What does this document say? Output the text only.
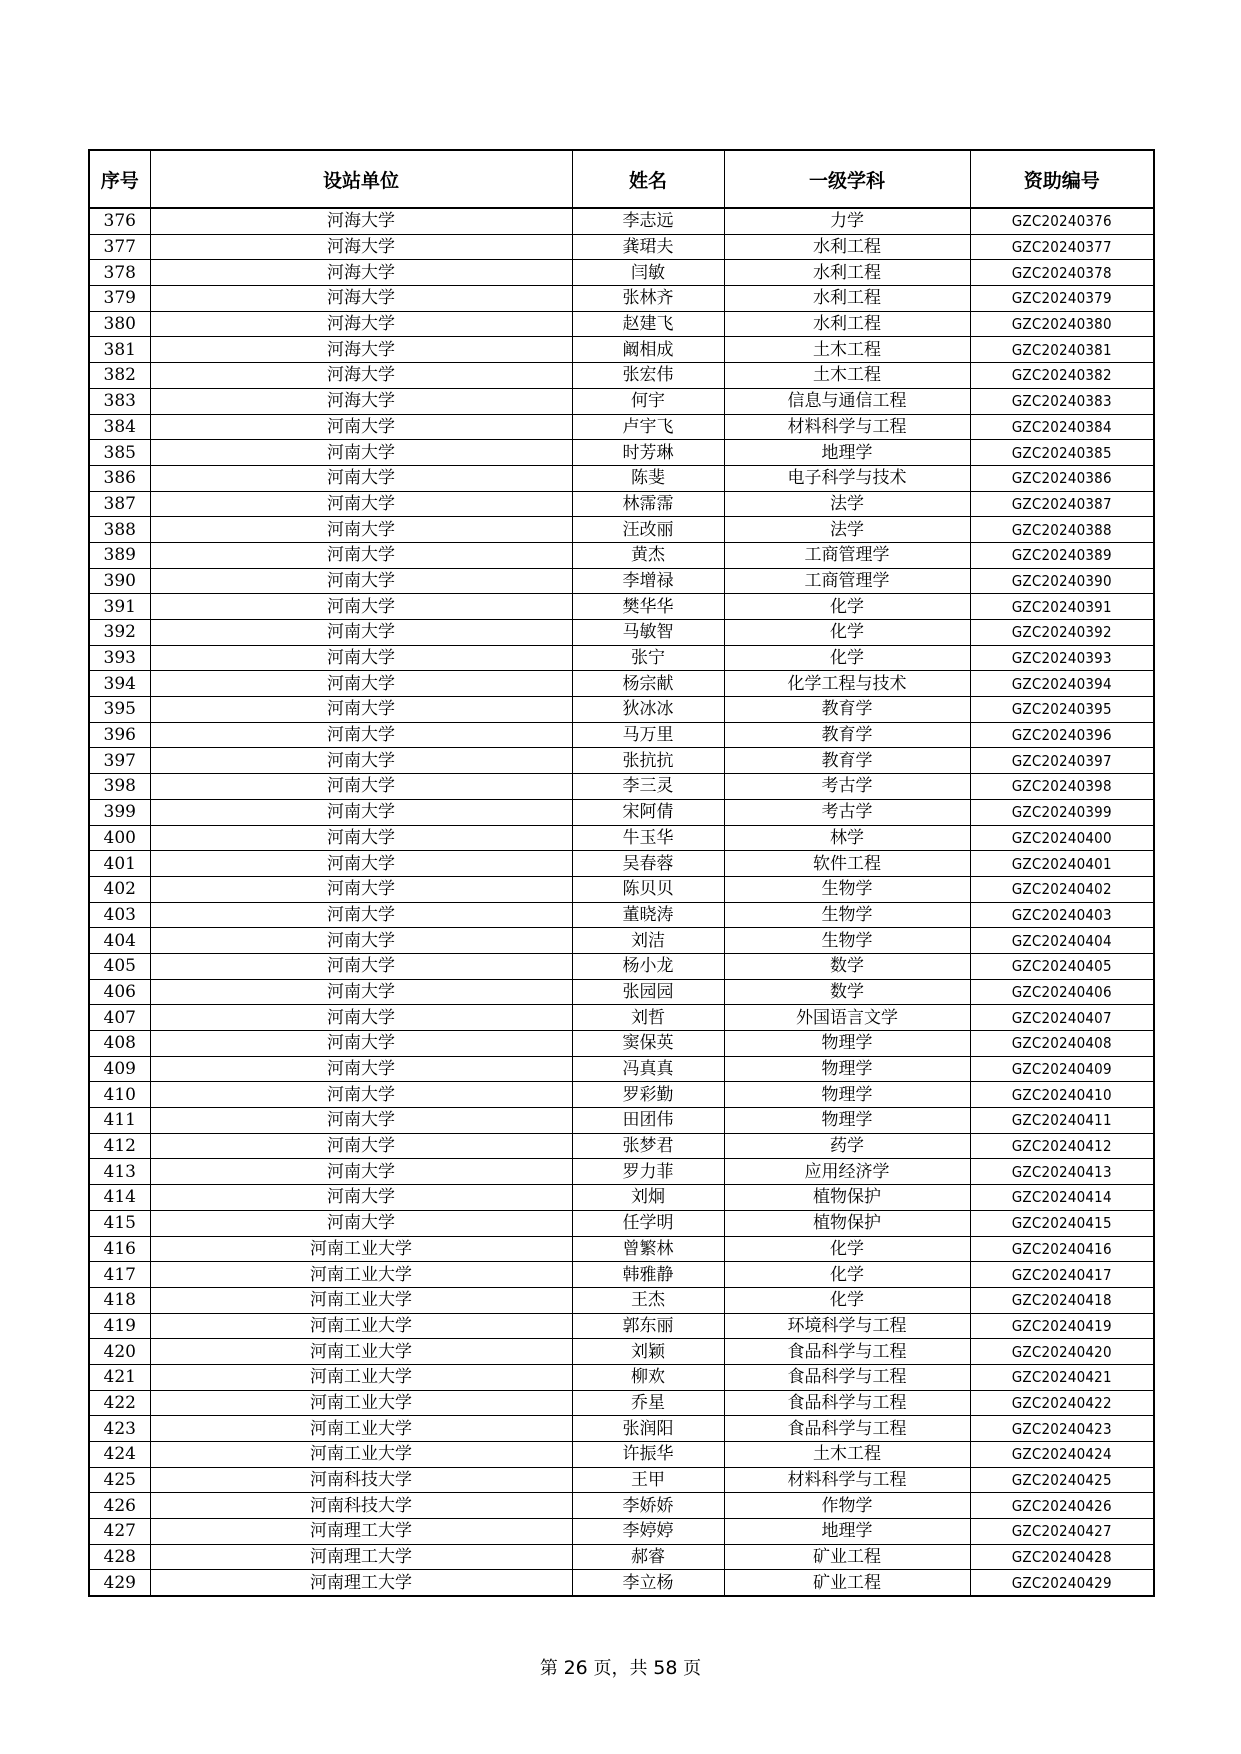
序号	设站单位	姓名	一级学科	资助编号
376	河海大学	李志远	力学	GZC20240376
377	河海大学	龚珺夫	水利工程	GZC20240377
378	河海大学	闫敏	水利工程	GZC20240378
379	河海大学	张林齐	水利工程	GZC20240379
380	河海大学	赵建飞	水利工程	GZC20240380
381	河海大学	阚相成	土木工程	GZC20240381
382	河海大学	张宏伟	土木工程	GZC20240382
383	河海大学	何宇	信息与通信工程	GZC20240383
384	河南大学	卢宇飞	材料科学与工程	GZC20240384
385	河南大学	时芳琳	地理学	GZC20240385
386	河南大学	陈斐	电子科学与技术	GZC20240386
387	河南大学	林霈霈	法学	GZC20240387
388	河南大学	汪改丽	法学	GZC20240388
389	河南大学	黄杰	工商管理学	GZC20240389
390	河南大学	李增禄	工商管理学	GZC20240390
391	河南大学	樊华华	化学	GZC20240391
392	河南大学	马敏智	化学	GZC20240392
393	河南大学	张宁	化学	GZC20240393
394	河南大学	杨宗献	化学工程与技术	GZC20240394
395	河南大学	狄冰冰	教育学	GZC20240395
396	河南大学	马万里	教育学	GZC20240396
397	河南大学	张抗抗	教育学	GZC20240397
398	河南大学	李三灵	考古学	GZC20240398
399	河南大学	宋阿倩	考古学	GZC20240399
400	河南大学	牛玉华	林学	GZC20240400
401	河南大学	吴春蓉	软件工程	GZC20240401
402	河南大学	陈贝贝	生物学	GZC20240402
403	河南大学	董晓涛	生物学	GZC20240403
404	河南大学	刘洁	生物学	GZC20240404
405	河南大学	杨小龙	数学	GZC20240405
406	河南大学	张园园	数学	GZC20240406
407	河南大学	刘哲	外国语言文学	GZC20240407
408	河南大学	窦保英	物理学	GZC20240408
409	河南大学	冯真真	物理学	GZC20240409
410	河南大学	罗彩勤	物理学	GZC20240410
411	河南大学	田团伟	物理学	GZC20240411
412	河南大学	张梦君	药学	GZC20240412
413	河南大学	罗力菲	应用经济学	GZC20240413
414	河南大学	刘炯	植物保护	GZC20240414
415	河南大学	任学明	植物保护	GZC20240415
416	河南工业大学	曾繁林	化学	GZC20240416
417	河南工业大学	韩雅静	化学	GZC20240417
418	河南工业大学	王杰	化学	GZC20240418
419	河南工业大学	郭东丽	环境科学与工程	GZC20240419
420	河南工业大学	刘颖	食品科学与工程	GZC20240420
421	河南工业大学	柳欢	食品科学与工程	GZC20240421
422	河南工业大学	乔星	食品科学与工程	GZC20240422
423	河南工业大学	张润阳	食品科学与工程	GZC20240423
424	河南工业大学	许振华	土木工程	GZC20240424
425	河南科技大学	王甲	材料科学与工程	GZC20240425
426	河南科技大学	李娇娇	作物学	GZC20240426
427	河南理工大学	李婷婷	地理学	GZC20240427
428	河南理工大学	郝睿	矿业工程	GZC20240428
429	河南理工大学	李立杨	矿业工程	GZC20240429
第 26 页，共 58 页
